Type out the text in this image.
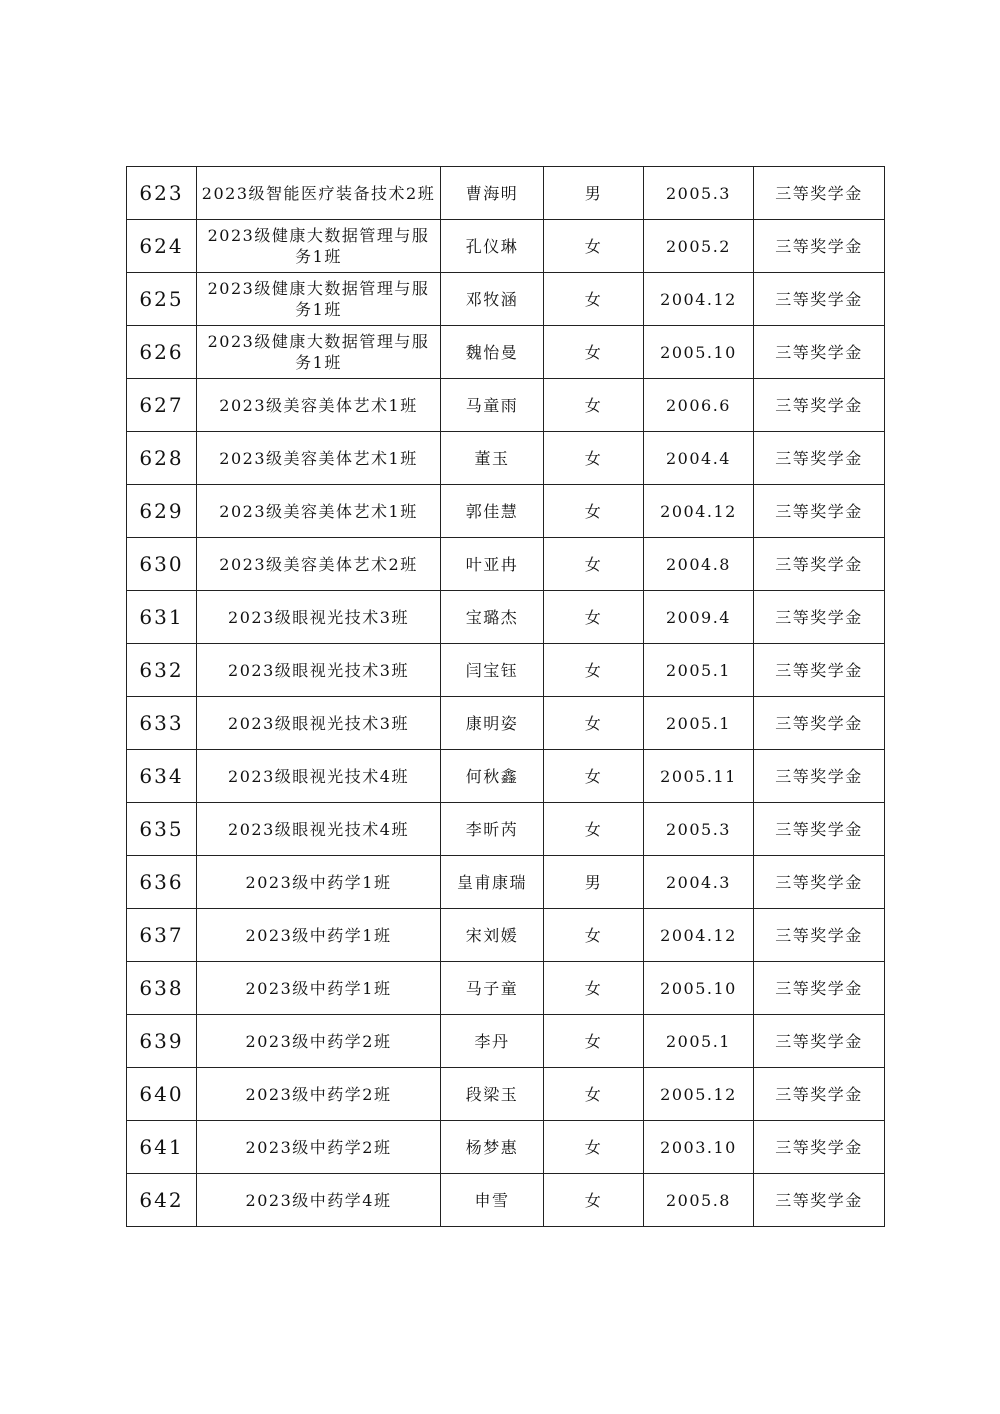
623	2023级智能医疗装备技术2班	曹海明	男	2005.3	三等奖学金
624	2023级健康大数据管理与服务1班	孔仪琳	女	2005.2	三等奖学金
625	2023级健康大数据管理与服务1班	邓牧涵	女	2004.12	三等奖学金
626	2023级健康大数据管理与服务1班	魏怡曼	女	2005.10	三等奖学金
627	2023级美容美体艺术1班	马童雨	女	2006.6	三等奖学金
628	2023级美容美体艺术1班	董玉	女	2004.4	三等奖学金
629	2023级美容美体艺术1班	郭佳慧	女	2004.12	三等奖学金
630	2023级美容美体艺术2班	叶亚冉	女	2004.8	三等奖学金
631	2023级眼视光技术3班	宝璐杰	女	2009.4	三等奖学金
632	2023级眼视光技术3班	闫宝钰	女	2005.1	三等奖学金
633	2023级眼视光技术3班	康明姿	女	2005.1	三等奖学金
634	2023级眼视光技术4班	何秋鑫	女	2005.11	三等奖学金
635	2023级眼视光技术4班	李昕芮	女	2005.3	三等奖学金
636	2023级中药学1班	皇甫康瑞	男	2004.3	三等奖学金
637	2023级中药学1班	宋刘媛	女	2004.12	三等奖学金
638	2023级中药学1班	马子童	女	2005.10	三等奖学金
639	2023级中药学2班	李丹	女	2005.1	三等奖学金
640	2023级中药学2班	段梁玉	女	2005.12	三等奖学金
641	2023级中药学2班	杨梦惠	女	2003.10	三等奖学金
642	2023级中药学4班	申雪	女	2005.8	三等奖学金
